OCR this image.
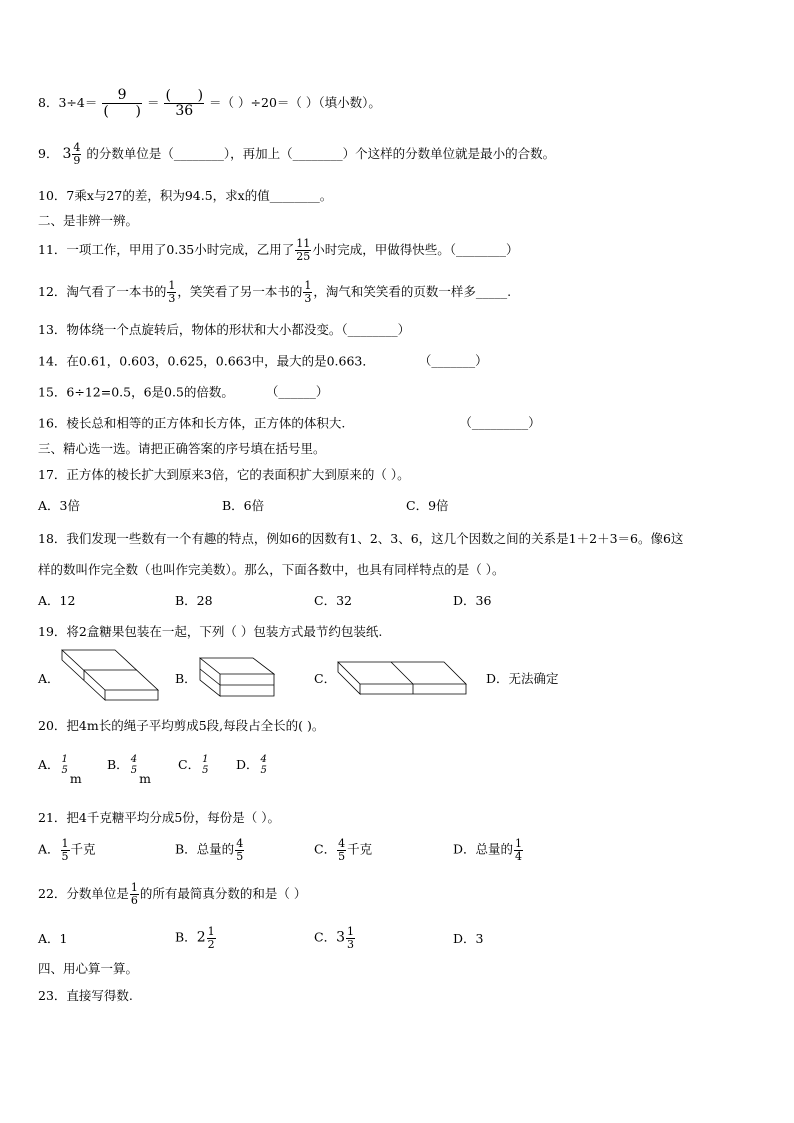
8．3÷4＝	9
(      )
＝ (      )
36
＝（ ）÷20＝（ ）（填小数）。
9． $3 \frac{4}{9}$ 的分数单位是（________），再加上（________）个这样的分数单位就是最小的合数。
10．7乘x与27的差，积为94.5，求x的值________。
二、是非辨一辨。
11．一项工作，甲用了0.35小时完成，乙用了 $\frac{11}{25}$ 小时完成，甲做得快些。（________）
12．淘气看了一本书的 $\frac{1}{3}$ ，笑笑看了另一本书的 $\frac{1}{3}$ ，淘气和笑笑看的页数一样多_____.
13．物体绕一个点旋转后，物体的形状和大小都没变。（________）
14．在0.61，0.603，0.625，0.663中，最大的是0.663．	（_______）
15．6÷12=0.5，6是0.5的倍数。	（______）
16．棱长总和相等的正方体和长方体，正方体的体积大.	（_________）
三、精心选一选。请把正确答案的序号填在括号里。
17．正方体的棱长扩大到原来3倍，它的表面积扩大到原来的（ ）。
A．3倍	B．6倍	C．9倍
18．我们发现一些数有一个有趣的特点，例如6的因数有1、2、3、6，这几个因数之间的关系是1＋2＋3＝6。像6这
样的数叫作完全数（也叫作完美数）。那么，下面各数中，也具有同样特点的是（ ）。
A．12	B．28	C．32	D．36
19．将2盒糖果包装在一起，下列（ ）包装方式最节约包装纸.
A．	B．	C．	D．无法确定
20．把4m长的绳子平均剪成5段,每段占全长的( )。
A． 1
5
m
B． 4
5
m
C． 1
5 D． 4
5
21．把4千克糖平均分成5份，每份是（ ）。
A． $\frac{1}{5}$ 千克	B．总量的 $\frac{4}{5}$	C． $\frac{4}{5}$ 千克	D．总量的 $\frac{1}{4}$
22．分数单位是 $\frac{1}{6}$ 的所有最简真分数的和是（ ）
A．1	B．$2 \frac{1}{2}$	C．$3 \frac{1}{3}$	D．3
四、用心算一算。
23．直接写得数.
